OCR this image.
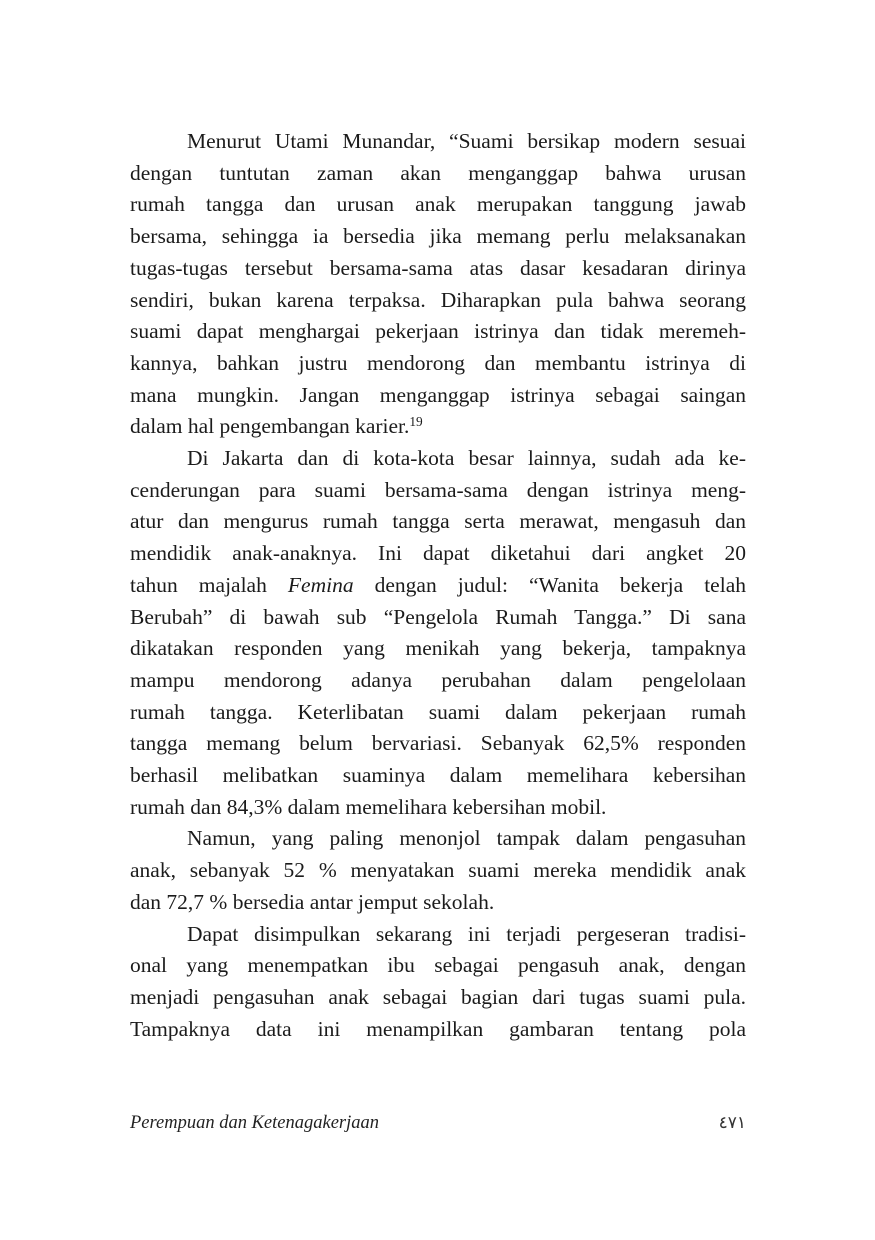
Menurut Utami Munandar, “Suami bersikap modern sesuai
dengan tuntutan zaman akan menganggap bahwa urusan
rumah tangga dan urusan anak merupakan tanggung jawab
bersama, sehingga ia bersedia jika memang perlu melaksanakan
tugas-tugas tersebut bersama-sama atas dasar kesadaran dirinya
sendiri, bukan karena terpaksa. Diharapkan pula bahwa seorang
suami dapat menghargai pekerjaan istrinya dan tidak meremeh-
kannya, bahkan justru mendorong dan membantu istrinya di
mana mungkin. Jangan menganggap istrinya sebagai saingan
dalam hal pengembangan karier.$^{19}$
Di Jakarta dan di kota-kota besar lainnya, sudah ada ke-
cenderungan para suami bersama-sama dengan istrinya meng-
atur dan mengurus rumah tangga serta merawat, mengasuh dan
mendidik anak-anaknya. Ini dapat diketahui dari angket 20
tahun majalah Femina dengan judul: “Wanita bekerja telah
Berubah” di bawah sub “Pengelola Rumah Tangga.” Di sana
dikatakan responden yang menikah yang bekerja, tampaknya
mampu mendorong adanya perubahan dalam pengelolaan
rumah tangga. Keterlibatan suami dalam pekerjaan rumah
tangga memang belum bervariasi. Sebanyak 62,5% responden
berhasil melibatkan suaminya dalam memelihara kebersihan
rumah dan 84,3% dalam memelihara kebersihan mobil.
Namun, yang paling menonjol tampak dalam pengasuhan
anak, sebanyak 52 % menyatakan suami mereka mendidik anak
dan 72,7 % bersedia antar jemput sekolah.
Dapat disimpulkan sekarang ini terjadi pergeseran tradisi-
onal yang menempatkan ibu sebagai pengasuh anak, dengan
menjadi pengasuhan anak sebagai bagian dari tugas suami pula.
Tampaknya data ini menampilkan gambaran tentang pola
Perempuan dan Ketenagakerjaan	٤٧١
